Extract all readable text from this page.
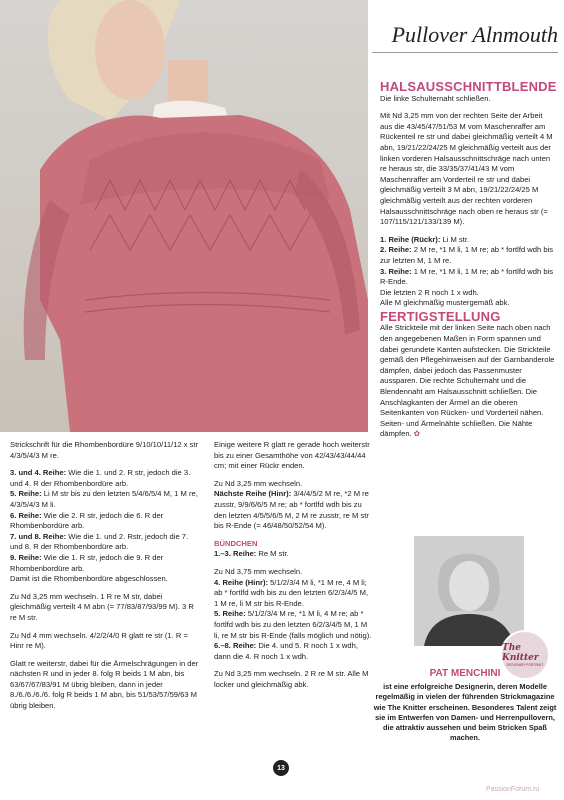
Pullover Alnmouth

HALSAUSSCHNITTBLENDE

Die linke Schulternaht schließen.

Mit Nd 3,25 mm von der rechten Seite der Arbeit aus die 43/45/47/51/53 M vom Maschenraffer am Rückenteil re str und dabei gleichmäßig verteilt 4 M abn, 19/21/22/24/25 M gleichmäßig verteilt aus der linken vorderen Halsausschnittschräge nach unten re heraus str, die 33/35/37/41/43 M vom Maschenraffer am Vorderteil re str und dabei gleichmäßig verteilt 3 M abn, 19/21/22/24/25 M gleichmäßig verteilt aus der rechten vorderen Halsausschnittschräge nach oben re heraus str (= 107/115/121/133/139 M).

1. Reihe (Rückr): Li M str.

2. Reihe: 2 M re, *1 M li, 1 M re; ab * fortlfd wdh bis zur letzten M, 1 M re.

3. Reihe: 1 M re, *1 M li, 1 M re; ab * fortlfd wdh bis R-Ende.

Die letzten 2 R noch 1 x wdh.

Alle M gleichmäßig mustergemäß abk.

FERTIGSTELLUNG

Alle Strickteile mit der linken Seite nach oben nach den angegebenen Maßen in Form spannen und dabei gerundete Kanten aufstecken. Die Strickteile gemäß den Pflegehinweisen auf der Garnbanderole dämpfen, dabei jedoch das Passenmuster aussparen. Die rechte Schulternaht und die Blendennaht am Halsausschnitt schließen. Die Anschlagkanten der Ärmel an die oberen Seitenkanten von Rücken- und Vorderteil nähen. Seiten- und Ärmelnähte schließen. Die Nähte dämpfen. ✿

Strickschrift für die Rhombenbordüre 9/10/10/11/12 x str 4/3/5/4/3 M re.

3. und 4. Reihe: Wie die 1. und 2. R str, jedoch die 3. und 4. R der Rhombenbordüre arb.

5. Reihe: Li M str bis zu den letzten 5/4/6/5/4 M, 1 M re, 4/3/5/4/3 M li.

6. Reihe: Wie die 2. R str, jedoch die 6. R der Rhombenbordüre arb.

7. und 8. Reihe: Wie die 1. und 2. Rstr, jedoch die 7. und 8. R der Rhombenbordüre arb.

9. Reihe: Wie die 1. R str, jedoch die 9. R der Rhombenbordüre arb.

Damit ist die Rhombenbordüre abgeschlossen.

Zu Nd 3,25 mm wechseln. 1 R re M str, dabei gleichmäßig verteilt 4 M abn (= 77/83/87/93/99 M). 3 R re M str.

Zu Nd 4 mm wechseln. 4/2/2/4/0 R glatt re str (1. R = Hinr re M).

Glatt re weiterstr, dabei für die Ärmelschrägungen in der nächsten R und in jeder 8. folg R beids 1 M abn, bis 63/67/67/83/91 M übrig bleiben, dann in jeder 8./6./6./6./6. folg R beids 1 M abn, bis 51/53/57/59/63 M übrig bleiben.

Einige weitere R glatt re gerade hoch weiterstr bis zu einer Gesamthöhe von 42/43/43/44/44 cm; mit einer Rückr enden.

Zu Nd 3,25 mm wechseln.
Nächste Reihe (Hinr): 3/4/4/5/2 M re, *2 M re zusstr, 9/9/6/6/5 M re; ab * fortlfd wdh bis zu den letzten 4/5/5/6/5 M, 2 M re zusstr, re M str bis R-Ende (= 46/48/50/52/54 M).

BÜNDCHEN
1.–3. Reihe: Re M str.

Zu Nd 3,75 mm wechseln.
4. Reihe (Hinr): 5/1/2/3/4 M li, *1 M re, 4 M li; ab * fortlfd wdh bis zu den letzten 6/2/3/4/5 M, 1 M re, li M str bis R-Ende.
5. Reihe: 5/1/2/3/4 M re, *1 M li, 4 M re; ab * fortlfd wdh bis zu den letzten 6/2/3/4/5 M, 1 M li, re M str bis R-Ende (falls möglich und nötig).
6.–8. Reihe: Die 4. und 5. R noch 1 x wdh, dann die 4. R noch 1 x wdh.

Zu Nd 3,25 mm wechseln. 2 R re M str. Alle M locker und gleichmäßig abk.

The Knitter
DESIGNER PORTRAIT
PAT MENCHINI
ist eine erfolgreiche Designerin, deren Modelle regelmäßig in vielen der führenden Strickmagazine wie The Knitter erscheinen. Besonderes Talent zeigt sie im Entwerfen von Damen- und Herrenpullovern, die attraktiv aussehen und beim Stricken Spaß machen.
13
PassionForum.ru
